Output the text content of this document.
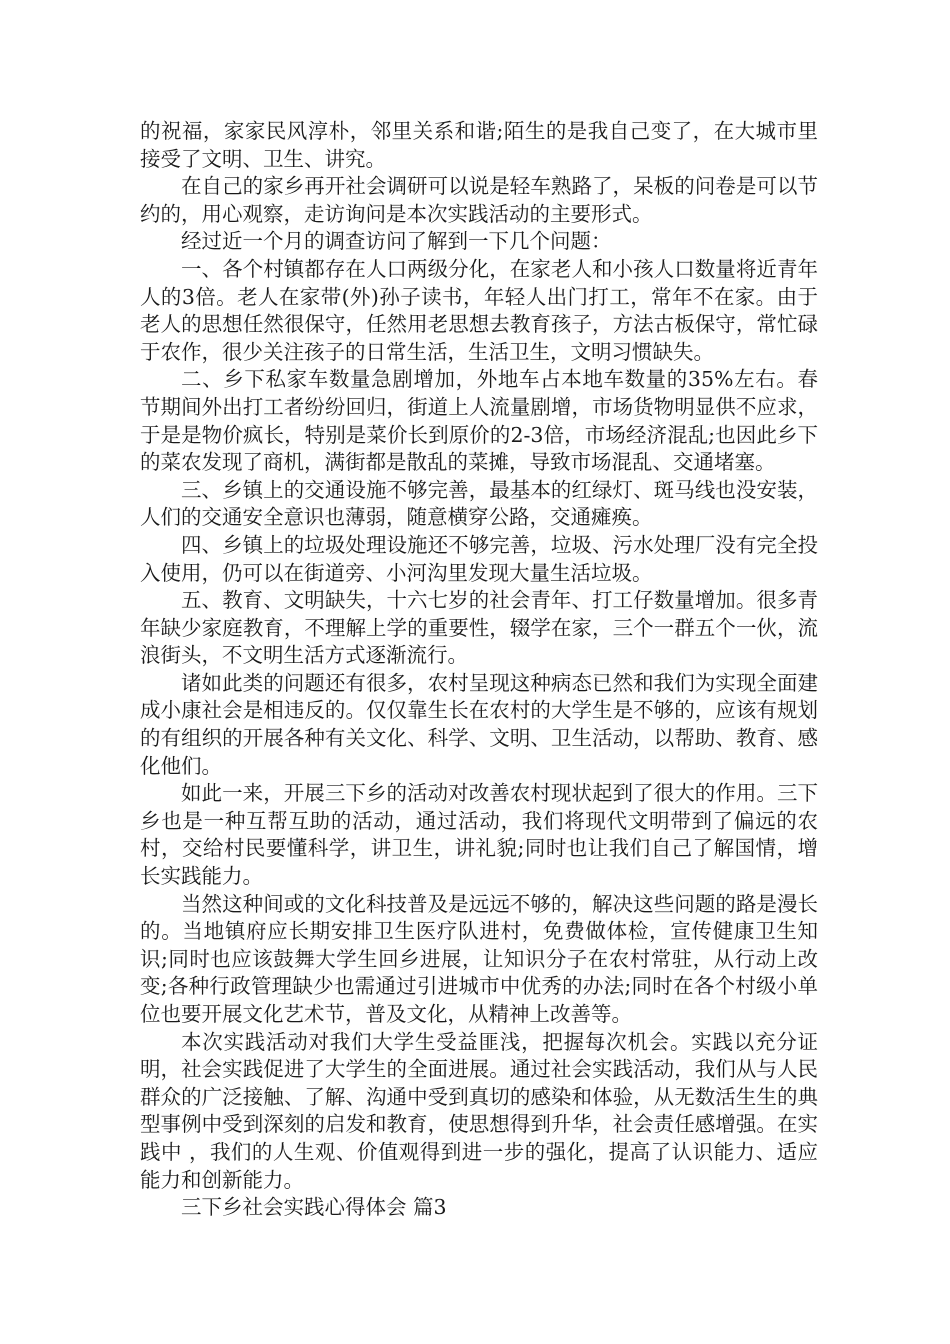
的祝福，家家民风淳朴，邻里关系和谐;陌生的是我自己变了，在大城市里接受了文明、卫生、讲究。

在自己的家乡再开社会调研可以说是轻车熟路了，呆板的问卷是可以节约的，用心观察，走访询问是本次实践活动的主要形式。

经过近一个月的调查访问了解到一下几个问题：

一、各个村镇都存在人口两级分化，在家老人和小孩人口数量将近青年人的3倍。老人在家带(外)孙子读书，年轻人出门打工，常年不在家。由于老人的思想任然很保守，任然用老思想去教育孩子，方法古板保守，常忙碌于农作，很少关注孩子的日常生活，生活卫生，文明习惯缺失。

二、乡下私家车数量急剧增加，外地车占本地车数量的35%左右。春节期间外出打工者纷纷回归，街道上人流量剧增，市场货物明显供不应求，于是是物价疯长，特别是菜价长到原价的2-3倍，市场经济混乱;也因此乡下的菜农发现了商机，满街都是散乱的菜摊，导致市场混乱、交通堵塞。

三、乡镇上的交通设施不够完善，最基本的红绿灯、斑马线也没安装，人们的交通安全意识也薄弱，随意横穿公路，交通瘫痪。

四、乡镇上的垃圾处理设施还不够完善，垃圾、污水处理厂没有完全投入使用，仍可以在街道旁、小河沟里发现大量生活垃圾。

五、教育、文明缺失，十六七岁的社会青年、打工仔数量增加。很多青年缺少家庭教育，不理解上学的重要性，辍学在家，三个一群五个一伙，流浪街头，不文明生活方式逐渐流行。

诸如此类的问题还有很多，农村呈现这种病态已然和我们为实现全面建成小康社会是相违反的。仅仅靠生长在农村的大学生是不够的，应该有规划的有组织的开展各种有关文化、科学、文明、卫生活动，以帮助、教育、感化他们。

如此一来，开展三下乡的活动对改善农村现状起到了很大的作用。三下乡也是一种互帮互助的活动，通过活动，我们将现代文明带到了偏远的农村，交给村民要懂科学，讲卫生，讲礼貌;同时也让我们自己了解国情，增长实践能力。

当然这种间或的文化科技普及是远远不够的，解决这些问题的路是漫长的。当地镇府应长期安排卫生医疗队进村，免费做体检，宣传健康卫生知识;同时也应该鼓舞大学生回乡进展，让知识分子在农村常驻，从行动上改变;各种行政管理缺少也需通过引进城市中优秀的办法;同时在各个村级小单位也要开展文化艺术节，普及文化，从精神上改善等。

本次实践活动对我们大学生受益匪浅，把握每次机会。实践以充分证明，社会实践促进了大学生的全面进展。通过社会实践活动，我们从与人民群众的广泛接触、了解、沟通中受到真切的感染和体验，从无数活生生的典型事例中受到深刻的启发和教育，使思想得到升华，社会责任感增强。在实践中 ，我们的人生观、价值观得到进一步的强化，提高了认识能力、适应能力和创新能力。

三下乡社会实践心得体会 篇3
